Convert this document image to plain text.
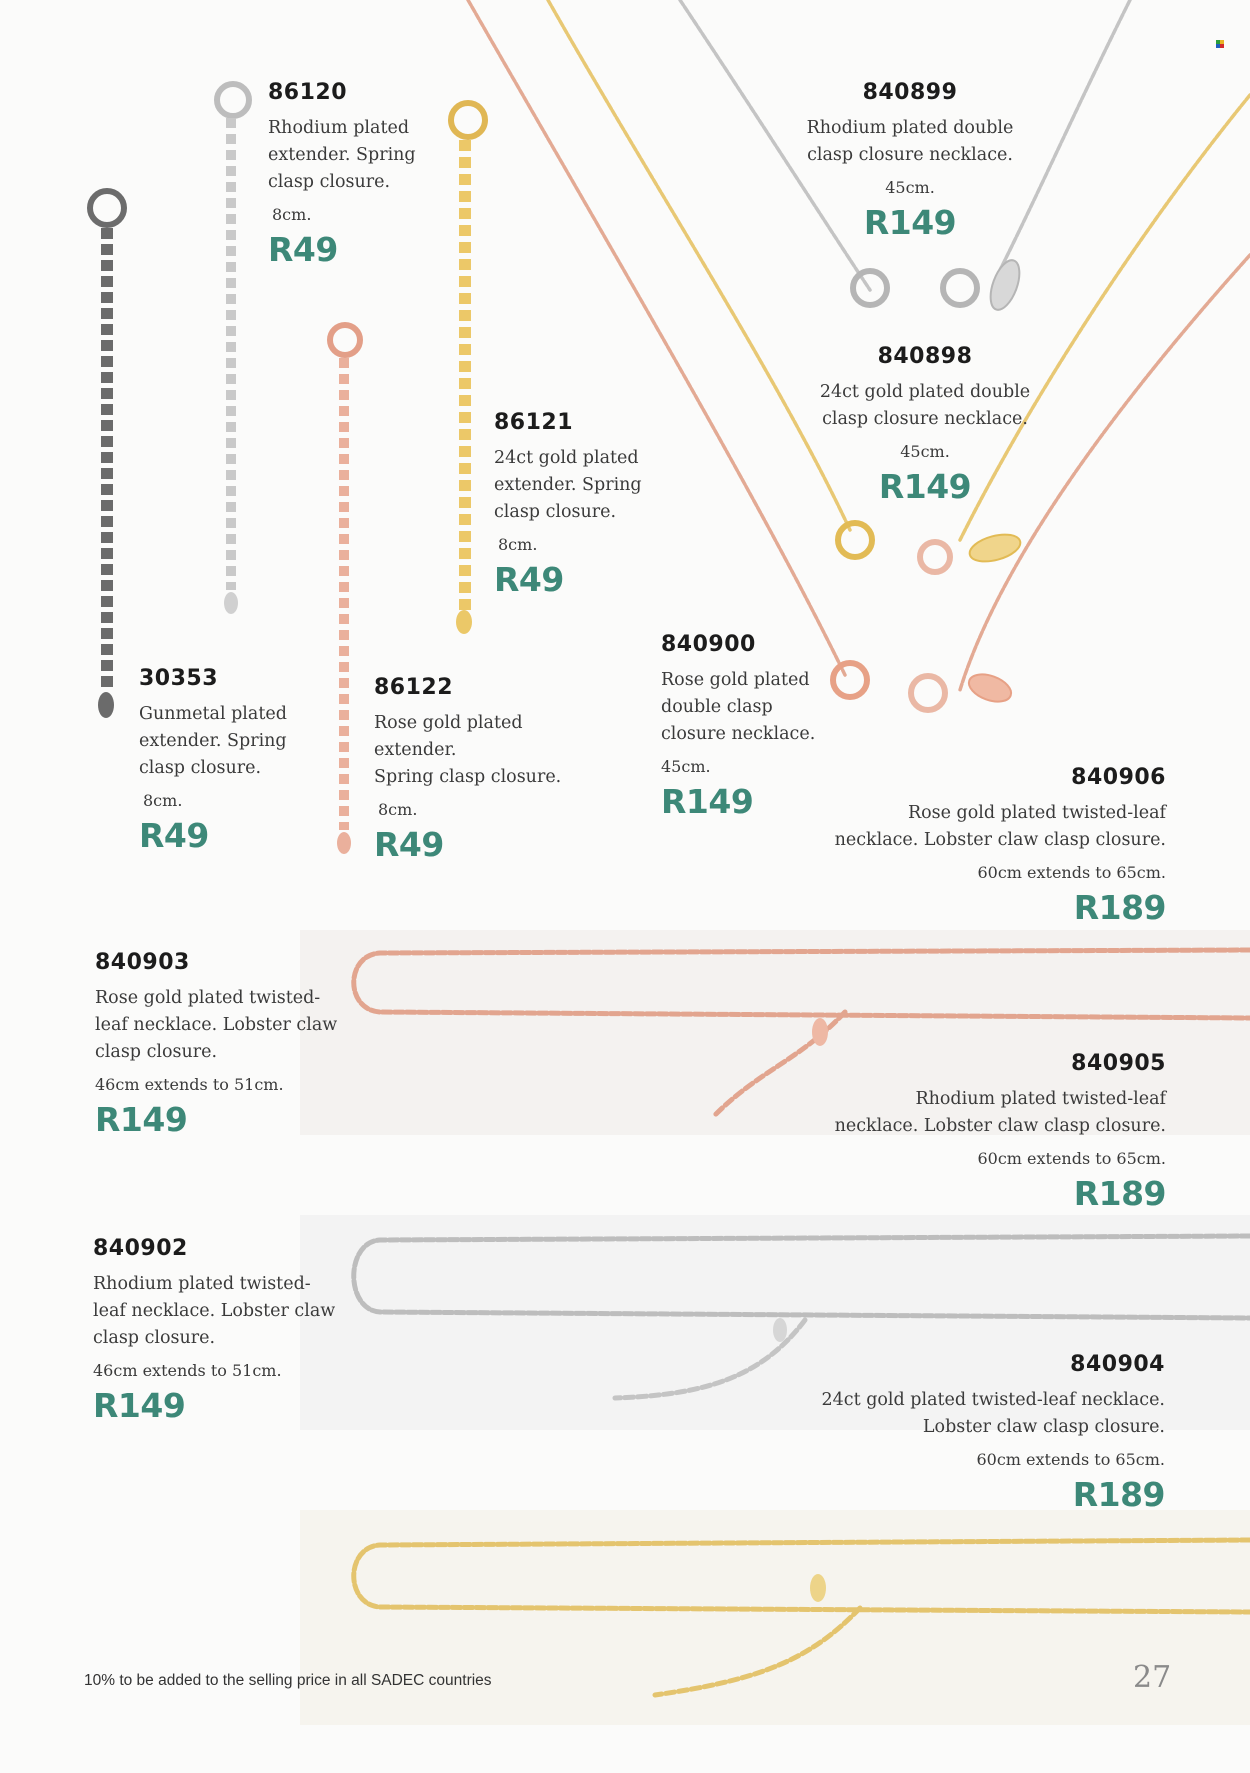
86120
Rhodium plated
extender. Spring
clasp closure.
8cm.
R49
840899
Rhodium plated double
clasp closure necklace.
45cm.
R149
840898
24ct gold plated double
clasp closure necklace.
45cm.
R149
86121
24ct gold plated
extender. Spring
clasp closure.
8cm.
R49
30353
Gunmetal plated
extender. Spring
clasp closure.
8cm.
R49
86122
Rose gold plated
extender.
Spring clasp closure.
8cm.
R49
840900
Rose gold plated
double clasp
closure necklace.
45cm.
R149
840906
Rose gold plated twisted-leaf
necklace. Lobster claw clasp closure.
60cm extends to 65cm.
R189
840903
Rose gold plated twisted-
leaf necklace. Lobster claw
clasp closure.
46cm extends to 51cm.
R149
840905
Rhodium plated twisted-leaf
necklace. Lobster claw clasp closure.
60cm extends to 65cm.
R189
840902
Rhodium plated twisted-
leaf necklace. Lobster claw
clasp closure.
46cm extends to 51cm.
R149
840904
24ct gold plated twisted-leaf necklace.
Lobster claw clasp closure.
60cm extends to 65cm.
R189
10% to be added to the selling price in all SADEC countries	27
